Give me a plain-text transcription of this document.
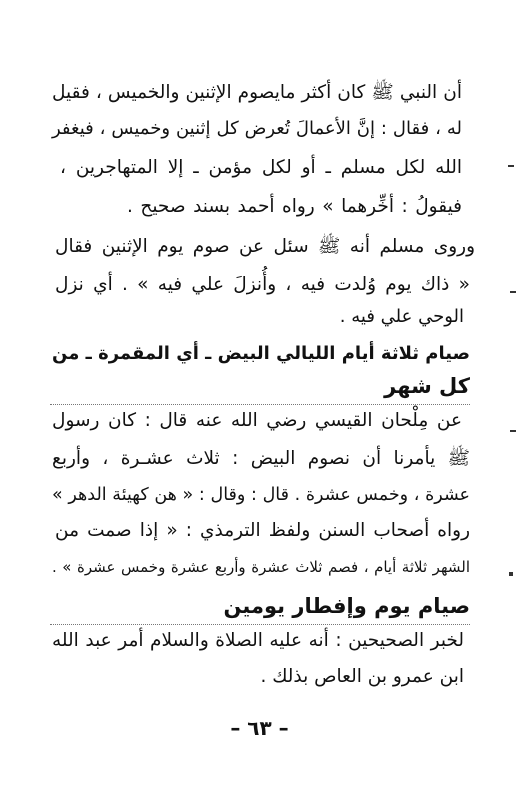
أن النبي ﷺ كان أكثر مايصوم الإثنين والخميس ، فقيل
له ، فقال : إنَّ الأعمالَ تُعرض كل إثنين وخميس ، فيغفر
الله لكل مسلم ـ أو لكل مؤمن ـ إلا المتهاجرين ،
فيقولُ : أخِّرهما » رواه أحمد بسند صحيح .
وروى مسلم أنه ﷺ سئل عن صوم يوم الإثنين فقال
« ذاك يوم وُلدت فيه ، وأُنزلَ علي فيه » . أي نزل
الوحي علي فيه .
صيام ثلاثة أيام الليالي البيض ـ أي المقمرة ـ من
كل شهر
عن مِلْحان القيسي رضي الله عنه قال : كان رسول
ﷺ يأمرنا أن نصوم البيض : ثلاث عشـرة ، وأربع
عشرة ، وخمس عشرة . قال : وقال : « هن كهيئة الدهر »
رواه أصحاب السنن ولفظ الترمذي : « إذا صمت من
الشهر ثلاثة أيام ، فصم ثلاث عشرة وأربع عشرة وخمس عشرة » .
صيام يوم وإفطار يومين
لخبر الصحيحين : أنه عليه الصلاة والسلام أمر عبد الله
ابن عمرو بن العاص بذلك .
– ٦٣ –
